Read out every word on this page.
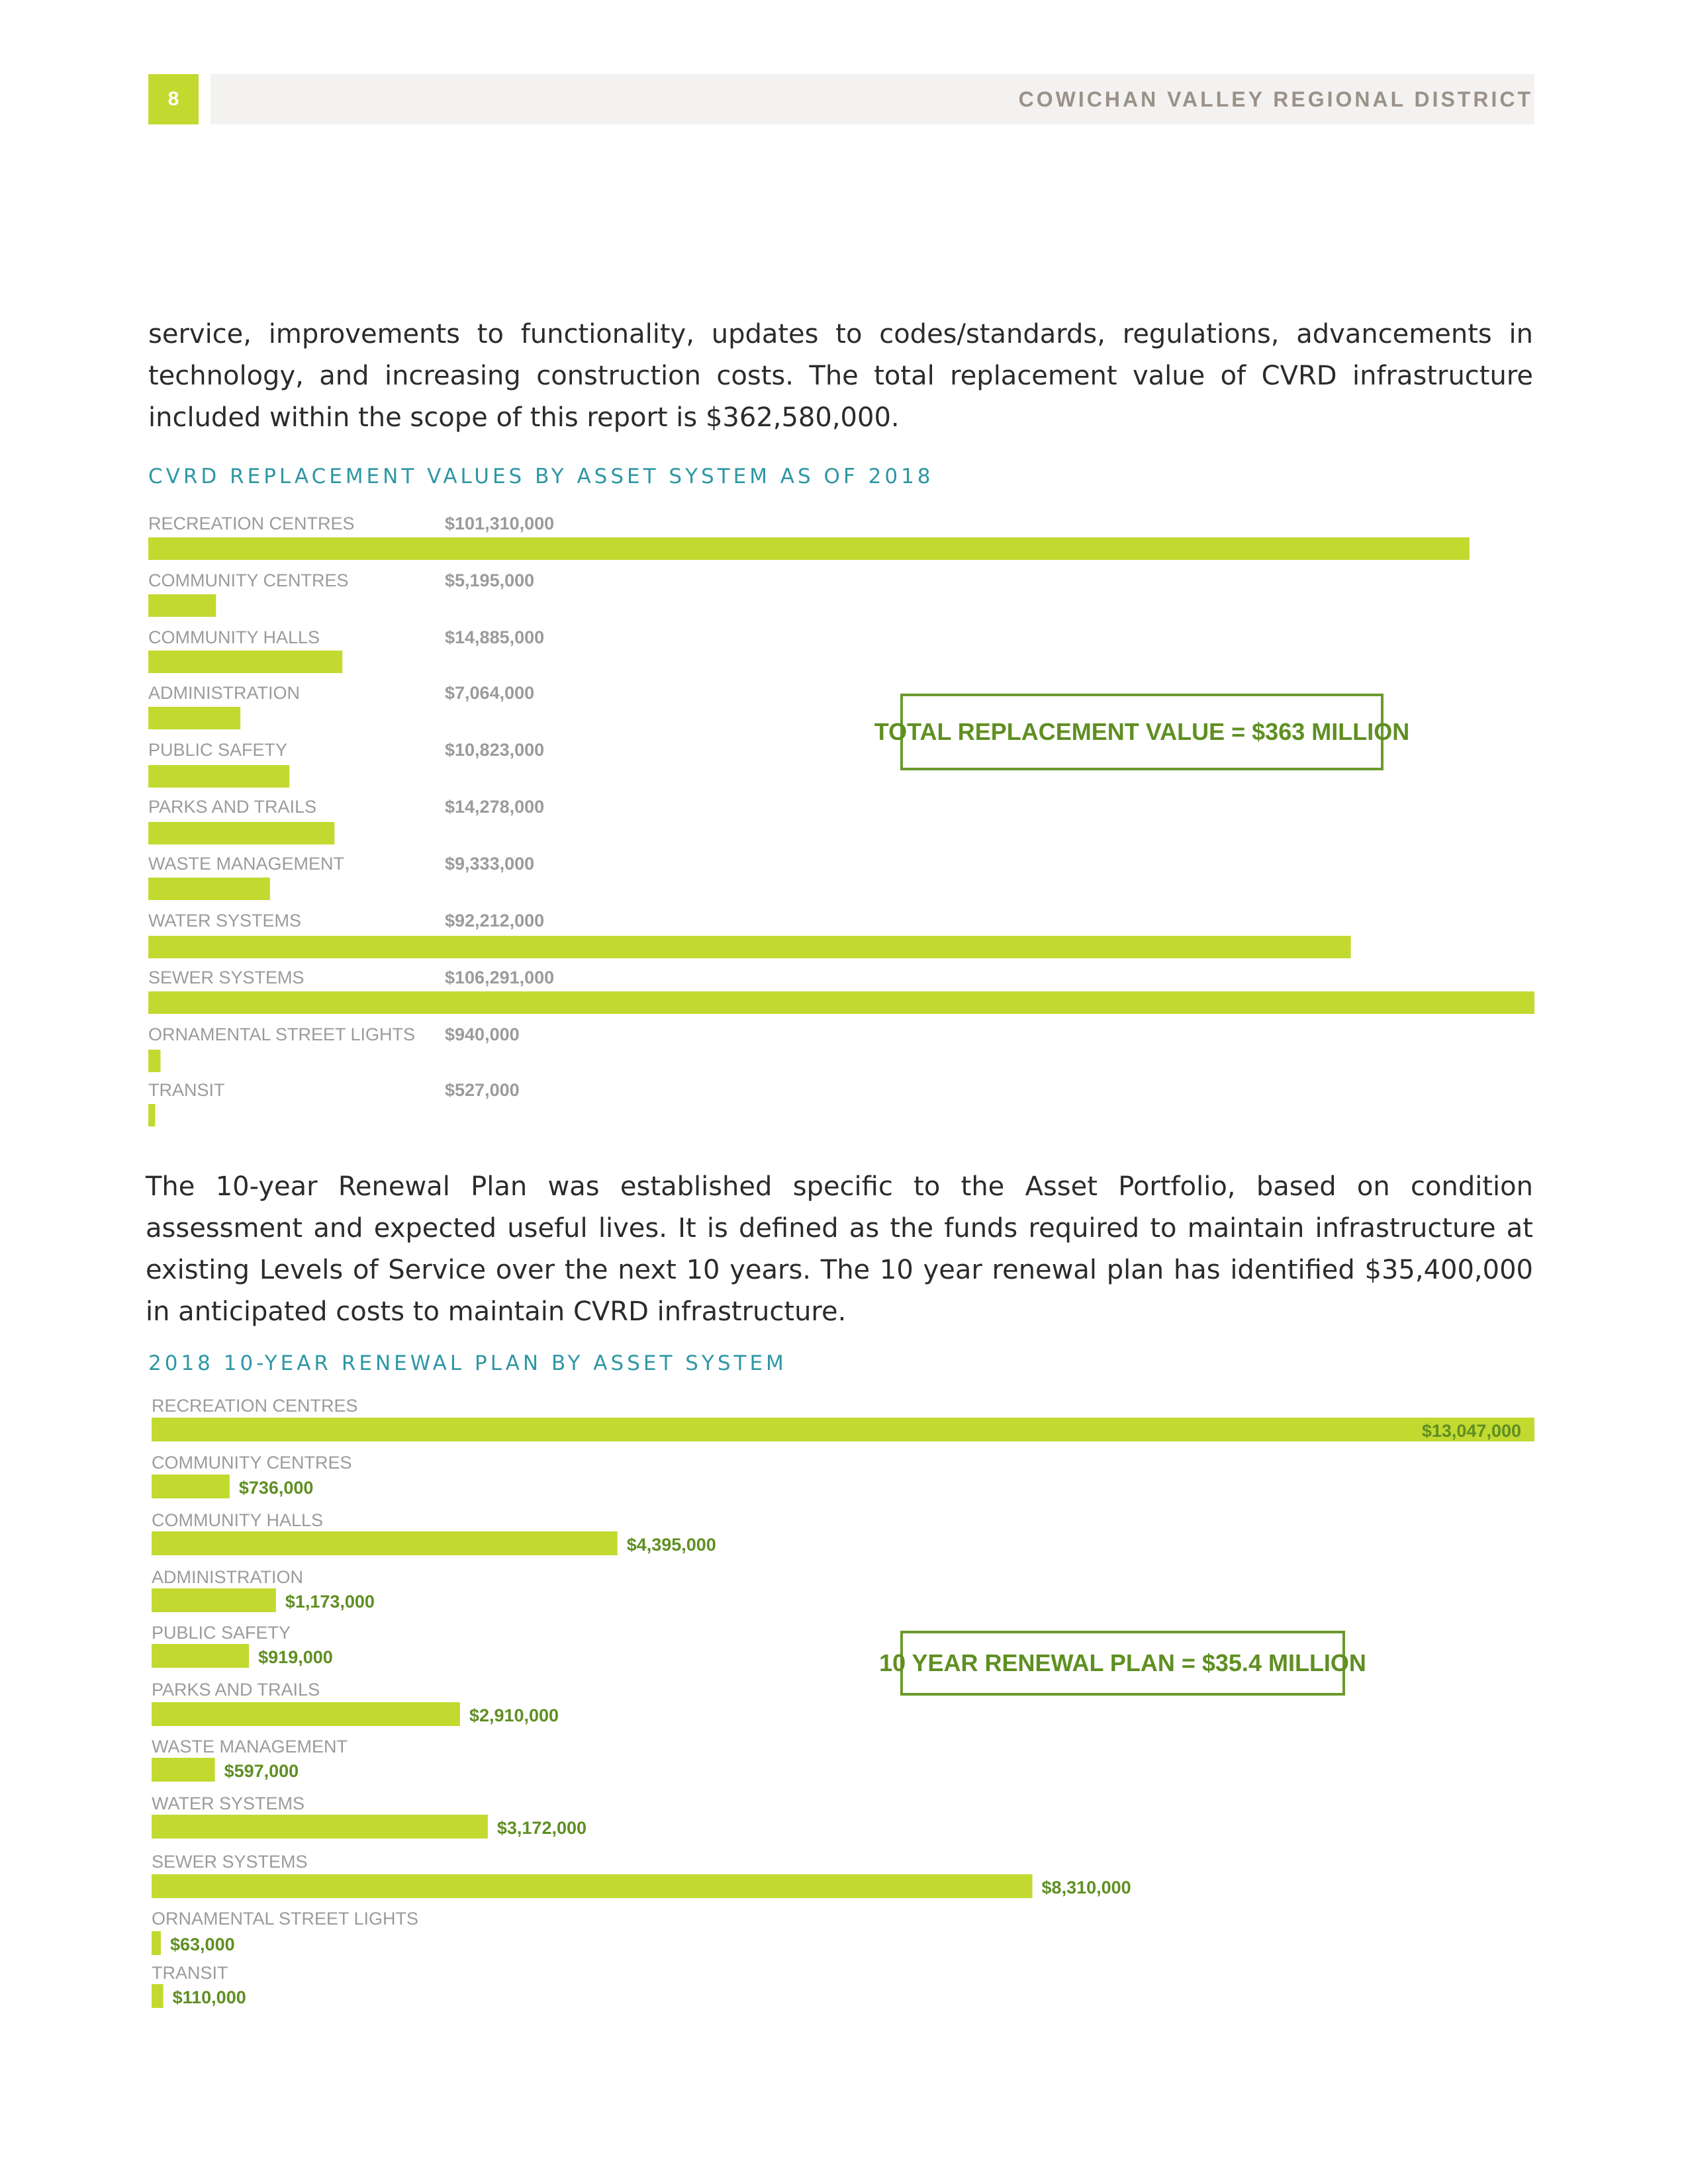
8	COWICHAN VALLEY REGIONAL DISTRICT

service, improvements to functionality, updates to codes/standards, regulations, advancements in technology, and increasing construction costs. The total replacement value of CVRD infrastructure included within the scope of this report is $362,580,000.

CVRD REPLACEMENT VALUES BY ASSET SYSTEM AS OF 2018
TOTAL REPLACEMENT VALUE = $363 MILLION

The 10-year Renewal Plan was established specific to the Asset Portfolio, based on condition assessment and expected useful lives. It is defined as the funds required to maintain infrastructure at existing Levels of Service over the next 10 years. The 10 year renewal plan has identified $35,400,000 in anticipated costs to maintain CVRD infrastructure.

2018 10-YEAR RENEWAL PLAN BY ASSET SYSTEM
10 YEAR RENEWAL PLAN = $35.4 MILLION
RECREATION CENTRES	$101,310,000
COMMUNITY CENTRES	$5,195,000
COMMUNITY HALLS	$14,885,000
ADMINISTRATION	$7,064,000
PUBLIC SAFETY	$10,823,000
PARKS AND TRAILS	$14,278,000
WASTE MANAGEMENT	$9,333,000
WATER SYSTEMS	$92,212,000
SEWER SYSTEMS	$106,291,000
ORNAMENTAL STREET LIGHTS $940,000
TRANSIT	$527,000
RECREATION CENTRES
$13,047,000
COMMUNITY CENTRES
$736,000
COMMUNITY HALLS
$4,395,000
ADMINISTRATION
$1,173,000
PUBLIC SAFETY
$919,000
PARKS AND TRAILS
$2,910,000
WASTE MANAGEMENT
$597,000
WATER SYSTEMS
$3,172,000
SEWER SYSTEMS
$8,310,000
ORNAMENTAL STREET LIGHTS
$63,000
TRANSIT
$110,000
